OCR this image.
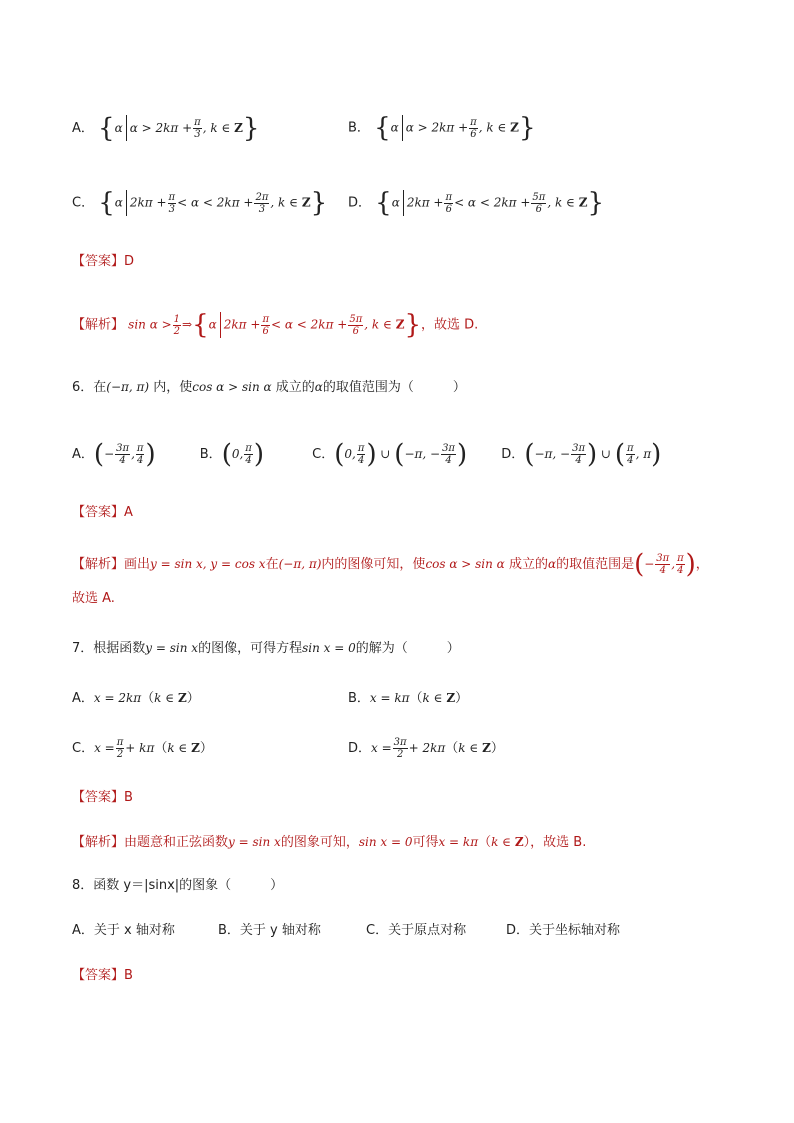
A． {α $\alpha > 2k\pi + \frac{\pi}{3}$ , k ∈ Z}	B． {α $\alpha > 2k\pi + \frac{\pi}{6}$ , k ∈ Z}
C． {α $2k\pi + \frac{\pi}{3} < \alpha < 2k\pi + \frac{2\pi}{3}$ , k ∈ Z} D． {α $2k\pi + \frac{\pi}{6} < \alpha < 2k\pi + \frac{5\pi}{6}$ , k ∈ Z}
【答案】D
【解析】 $\sin \alpha > \frac{1}{2}$ ⇒{α $2k\pi + \frac{\pi}{6} < \alpha < 2k\pi + \frac{5\pi}{6}$ , k ∈ Z}，故选 D.
6．在(−π, π) 内，使cos α > sin α 成立的α的取值范围为（　　　）
A．(− $\frac{3\pi}{4}$ , $\frac{\pi}{4}$ )	B．(0, $\frac{\pi}{4}$ )	C．(0, $\frac{\pi}{4}$ ) ∪ (−π, − $\frac{3\pi}{4}$ )	D．(−π, − $\frac{3\pi}{4}$ ) ∪ ( $\frac{\pi}{4}$ , π)
【答案】A
【解析】画出y = sin x, y = cos x在(−π, π)内的图像可知，使cos α > sin α 成立的α的取值范围是(− $\frac{3\pi}{4}$ , $\frac{\pi}{4}$ )，
故选 A.
7．根据函数y = sin x的图像，可得方程sin x = 0的解为（　　　）
A．x = 2kπ（k ∈ Z）	B．x = kπ（k ∈ Z）
C．$x = \frac{\pi}{2} + k\pi(k$ ∈ Z）	D．$x = \frac{3\pi}{2} + 2k\pi(k$ ∈ Z）
【答案】B
【解析】由题意和正弦函数y = sin x的图象可知，sin x = 0可得x = kπ（k ∈ Z），故选 B.
8．函数 y＝|sinx|的图象（　　　）
A．关于 x 轴对称	B．关于 y 轴对称	C．关于原点对称	D．关于坐标轴对称
【答案】B
